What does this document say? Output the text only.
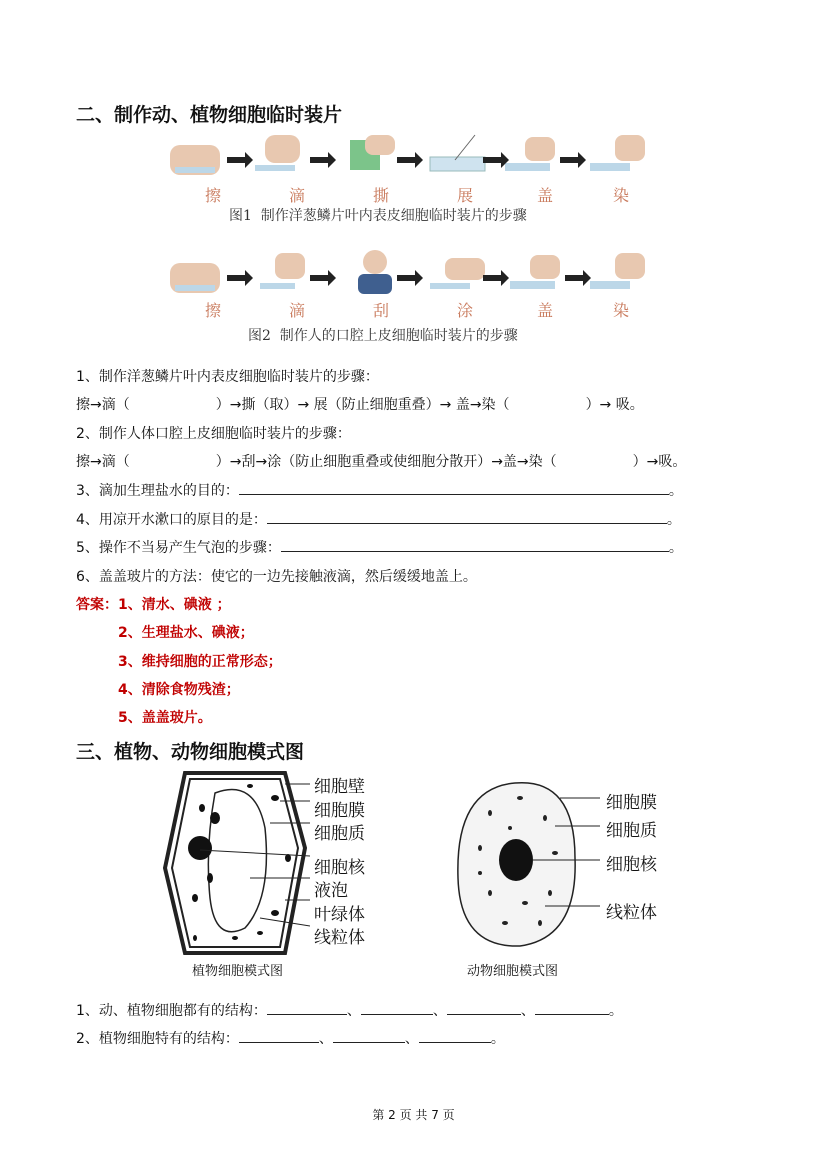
二、制作动、植物细胞临时装片
擦	滴	撕	展	盖	染
图1  制作洋葱鳞片叶内表皮细胞临时装片的步骤
擦	滴	刮	涂	盖	染
图2  制作人的口腔上皮细胞临时装片的步骤
1、制作洋葱鳞片叶内表皮细胞临时装片的步骤：
擦→滴（	）→撕（取）→ 展（防止细胞重叠）→ 盖→染（	）→ 吸。
2、制作人体口腔上皮细胞临时装片的步骤：
擦→滴（	）→刮→涂（防止细胞重叠或使细胞分散开）→盖→染（	）→吸。
3、滴加生理盐水的目的：	。
4、用凉开水漱口的原目的是：	。
5、操作不当易产生气泡的步骤：	。
6、盖盖玻片的方法：使它的一边先接触液滴，然后缓缓地盖上。
答案：1、清水、碘液 ；
2、生理盐水、碘液；
3、维持细胞的正常形态；
4、清除食物残渣；
5、盖盖玻片。
三、植物、动物细胞模式图
细胞壁
细胞膜
细胞质
细胞核
液泡
叶绿体
线粒体
细胞膜
细胞质
细胞核
线粒体
植物细胞模式图	动物细胞模式图
1、动、植物细胞都有的结构：	、	、	、	。
2、植物细胞特有的结构：	、	、	。
第 2 页 共 7 页
